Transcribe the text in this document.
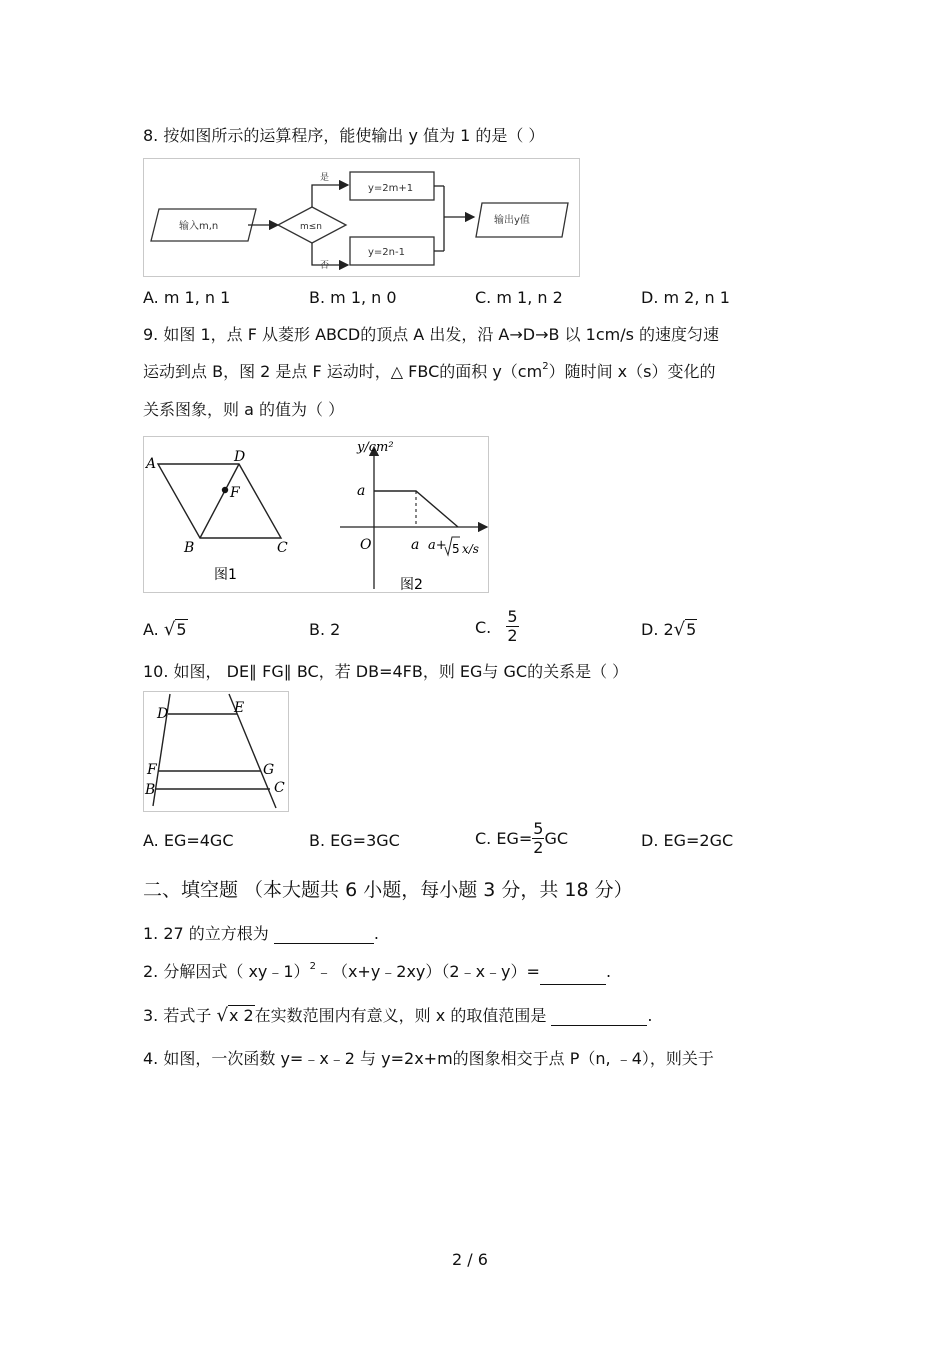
8. 按如图所示的运算程序，能使输出 y 值为 1 的是（ ）
输入m,n	m≤n
是
否
y=2m+1
y=2n-1
输出y值
A. m 1, n 1	B. m 1, n 0	C. m 1, n 2	D. m 2, n 1
9. 如图 1，点 F 从菱形 ABCD的顶点 A 出发，沿 A→D→B 以 1cm/s 的速度匀速
运动到点 B，图 2 是点 F 运动时，△ FBC的面积 $y(cm^2)$随时间 x（s）变化的
关系图象，则 a 的值为（ ）
A	D
F
B	C
图1
y/cm²
a
O	a a+ 5 x/s
图2
A. √5	B. 2	C. $\frac{5}{2}$	D. 2√5
10. 如图， DE∥ FG∥ BC，若 DB=4FB，则 EG与 GC的关系是（ ）
D	E
F	G
B	C
A. EG=4GC	B. EG=3GC	C. $EG= \frac{5}{2}$ GC	D. EG=2GC
二、填空题 （本大题共 6 小题，每小题 3 分，共 18 分）
1. 27 的立方根为	.
2. 分解因式（ xy﹣1）$^2$﹣（x+y﹣2xy）（2﹣x﹣y）=	.
3. 若式子 √x 2在实数范围内有意义，则 x 的取值范围是	.
4. 如图，一次函数 y=﹣x﹣2 与 y=2x+m的图象相交于点 P（n, ﹣4），则关于
2 / 6
